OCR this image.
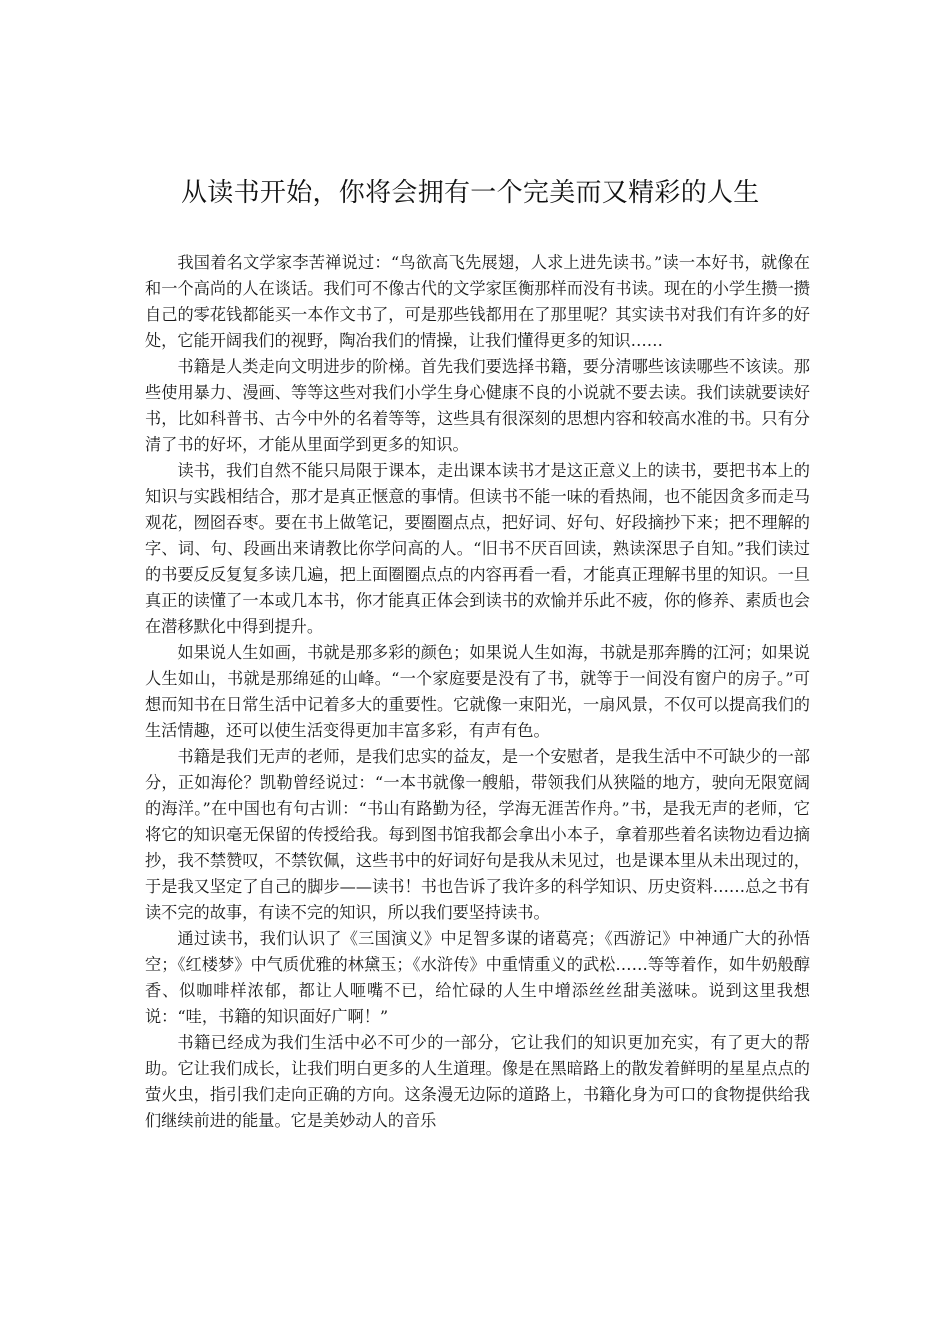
从读书开始，你将会拥有一个完美而又精彩的人生

我国着名文学家李苦禅说过：“鸟欲高飞先展翅，人求上进先读书。”读一本好书，就像在和一个高尚的人在谈话。我们可不像古代的文学家匡衡那样而没有书读。现在的小学生攒一攒自己的零花钱都能买一本作文书了，可是那些钱都用在了那里呢？其实读书对我们有许多的好处，它能开阔我们的视野，陶冶我们的情操，让我们懂得更多的知识……

书籍是人类走向文明进步的阶梯。首先我们要选择书籍，要分清哪些该读哪些不该读。那些使用暴力、漫画、等等这些对我们小学生身心健康不良的小说就不要去读。我们读就要读好书，比如科普书、古今中外的名着等等，这些具有很深刻的思想内容和较高水准的书。只有分清了书的好坏，才能从里面学到更多的知识。

读书，我们自然不能只局限于课本，走出课本读书才是这正意义上的读书，要把书本上的知识与实践相结合，那才是真正惬意的事情。但读书不能一味的看热闹，也不能因贪多而走马观花，囫囵吞枣。要在书上做笔记，要圈圈点点，把好词、好句、好段摘抄下来；把不理解的字、词、句、段画出来请教比你学问高的人。“旧书不厌百回读，熟读深思子自知。”我们读过的书要反反复复多读几遍，把上面圈圈点点的内容再看一看，才能真正理解书里的知识。一旦真正的读懂了一本或几本书，你才能真正体会到读书的欢愉并乐此不疲，你的修养、素质也会在潜移默化中得到提升。

如果说人生如画，书就是那多彩的颜色；如果说人生如海，书就是那奔腾的江河；如果说人生如山，书就是那绵延的山峰。“一个家庭要是没有了书，就等于一间没有窗户的房子。”可想而知书在日常生活中记着多大的重要性。它就像一束阳光，一扇风景，不仅可以提高我们的生活情趣，还可以使生活变得更加丰富多彩，有声有色。

书籍是我们无声的老师，是我们忠实的益友，是一个安慰者，是我生活中不可缺少的一部分，正如海伦？凯勒曾经说过：“一本书就像一艘船，带领我们从狭隘的地方，驶向无限宽阔的海洋。”在中国也有句古训：“书山有路勤为径，学海无涯苦作舟。”书，是我无声的老师，它将它的知识毫无保留的传授给我。每到图书馆我都会拿出小本子，拿着那些着名读物边看边摘抄，我不禁赞叹，不禁钦佩，这些书中的好词好句是我从未见过，也是课本里从未出现过的，于是我又坚定了自己的脚步——读书！书也告诉了我许多的科学知识、历史资料……总之书有读不完的故事，有读不完的知识，所以我们要坚持读书。

通过读书，我们认识了《三国演义》中足智多谋的诸葛亮；《西游记》中神通广大的孙悟空；《红楼梦》中气质优雅的林黛玉；《水浒传》中重情重义的武松……等等着作，如牛奶般醇香、似咖啡样浓郁，都让人咂嘴不已，给忙碌的人生中增添丝丝甜美滋味。说到这里我想说：“哇，书籍的知识面好广啊！”

书籍已经成为我们生活中必不可少的一部分，它让我们的知识更加充实，有了更大的帮助。它让我们成长，让我们明白更多的人生道理。像是在黑暗路上的散发着鲜明的星星点点的萤火虫，指引我们走向正确的方向。这条漫无边际的道路上，书籍化身为可口的食物提供给我们继续前进的能量。它是美妙动人的音乐
